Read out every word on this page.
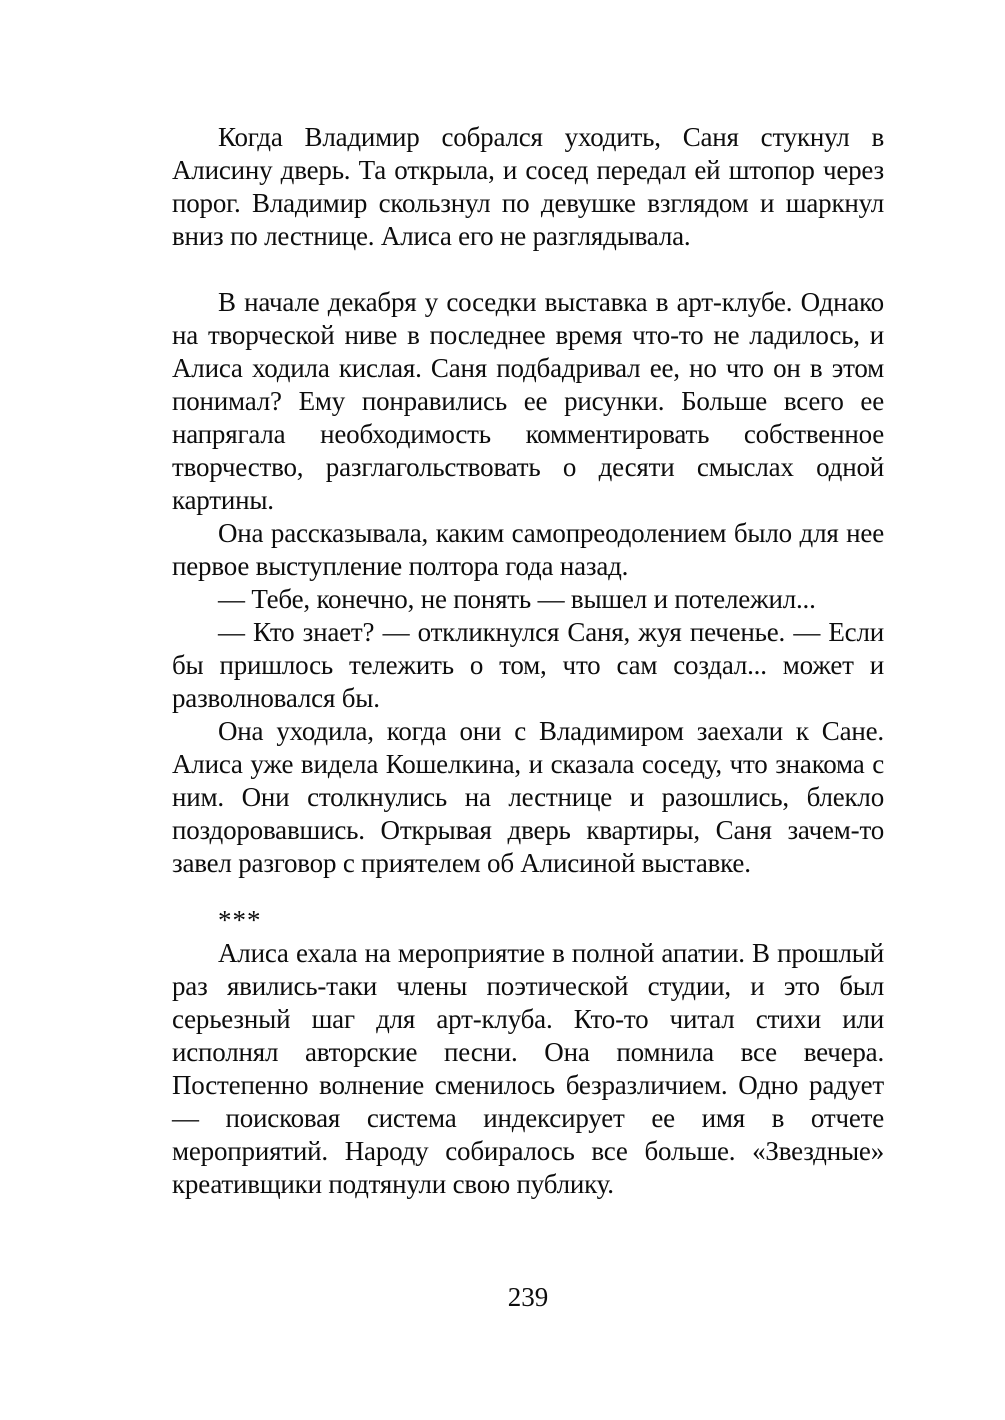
Когда Владимир собрался уходить, Саня стукнул в Алисину дверь. Та открыла, и сосед передал ей штопор через порог. Владимир скользнул по девушке взглядом и шаркнул вниз по лестнице. Алиса его не разглядывала.

В начале декабря у соседки выставка в арт-клубе. Однако на творческой ниве в последнее время что-то не ладилось, и Алиса ходила кислая. Саня подбадривал ее, но что он в этом понимал? Ему понравились ее рисунки. Больше всего ее напрягала необходимость комментировать собственное творчество, разглагольствовать о десяти смыслах одной картины.

Она рассказывала, каким самопреодолением было для нее первое выступление полтора года назад.

— Тебе, конечно, не понять — вышел и потележил...

— Кто знает? — откликнулся Саня, жуя печенье. — Если бы пришлось тележить о том, что сам создал... может и разволновался бы.

Она уходила, когда они с Владимиром заехали к Сане. Алиса уже видела Кошелкина, и сказала соседу, что знакома с ним. Они столкнулись на лестнице и разошлись, блекло поздоровавшись. Открывая дверь квартиры, Саня зачем-то завел разговор с приятелем об Алисиной выставке.

***

Алиса ехала на мероприятие в полной апатии. В прошлый раз явились-таки члены поэтической студии, и это был серьезный шаг для арт-клуба. Кто-то читал стихи или исполнял авторские песни. Она помнила все вечера. Постепенно волнение сменилось безразличием. Одно радует — поисковая система индексирует ее имя в отчете мероприятий. Народу собиралось все больше. «Звездные» креативщики подтянули свою публику.

239
